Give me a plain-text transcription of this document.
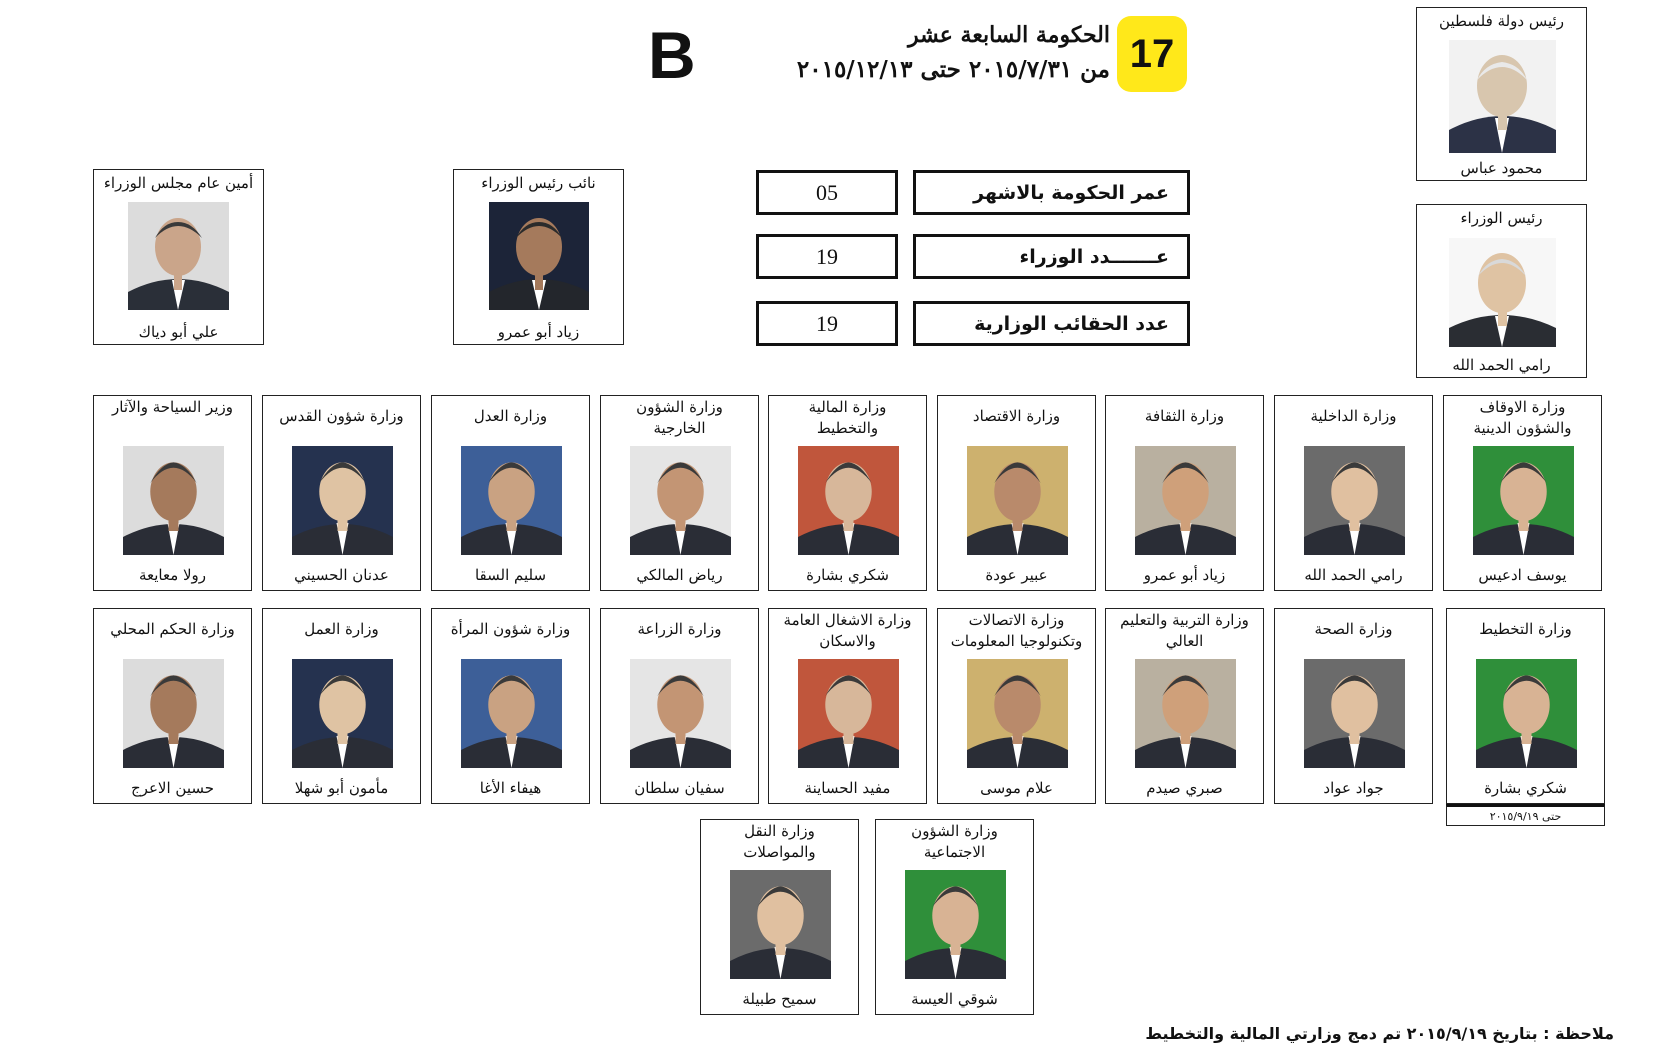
B	الحكومة السابعة عشر
من ٢٠١٥/٧/٣١ حتى ٢٠١٥/١٢/١٣ 17
عمر الحكومة بالاشهر
05
عـــــــدد الوزراء
19
عدد الحقائب الوزارية
19
رئيس دولة فلسطين
محمود عباس
رئيس الوزراء
رامي الحمد الله
نائب رئيس الوزراء
زياد أبو عمرو
أمين عام مجلس الوزراء
علي أبو دياك
وزارة الاوقاف والشؤون الدينية
يوسف ادعيس
وزارة الداخلية
رامي الحمد الله
وزارة الثقافة
زياد أبو عمرو
وزارة الاقتصاد
عبير عودة
وزارة المالية والتخطيط
شكري بشارة
وزارة الشؤون الخارجية
رياض المالكي
وزارة العدل
سليم السقا
وزارة شؤون القدس
عدنان الحسيني
وزير السياحة والآثار
رولا معايعة
وزارة التخطيط
شكري بشارة
حتى ٢٠١٥/٩/١٩
وزارة الصحة
جواد عواد
وزارة التربية والتعليم العالي
صبري صيدم
وزارة الاتصالات وتكنولوجيا المعلومات
علام موسى
وزارة الاشغال العامة والاسكان
مفيد الحساينة
وزارة الزراعة
سفيان سلطان
وزارة شؤون المرأة
هيفاء الأغا
وزارة العمل
مأمون أبو شهلا
وزارة الحكم المحلي
حسين الاعرج
وزارة الشؤون الاجتماعية
شوقي العيسة
وزارة النقل والمواصلات
سميح طبيلة
ملاحظة : بتاريخ ٢٠١٥/٩/١٩ تم دمج وزارتي المالية والتخطيط
